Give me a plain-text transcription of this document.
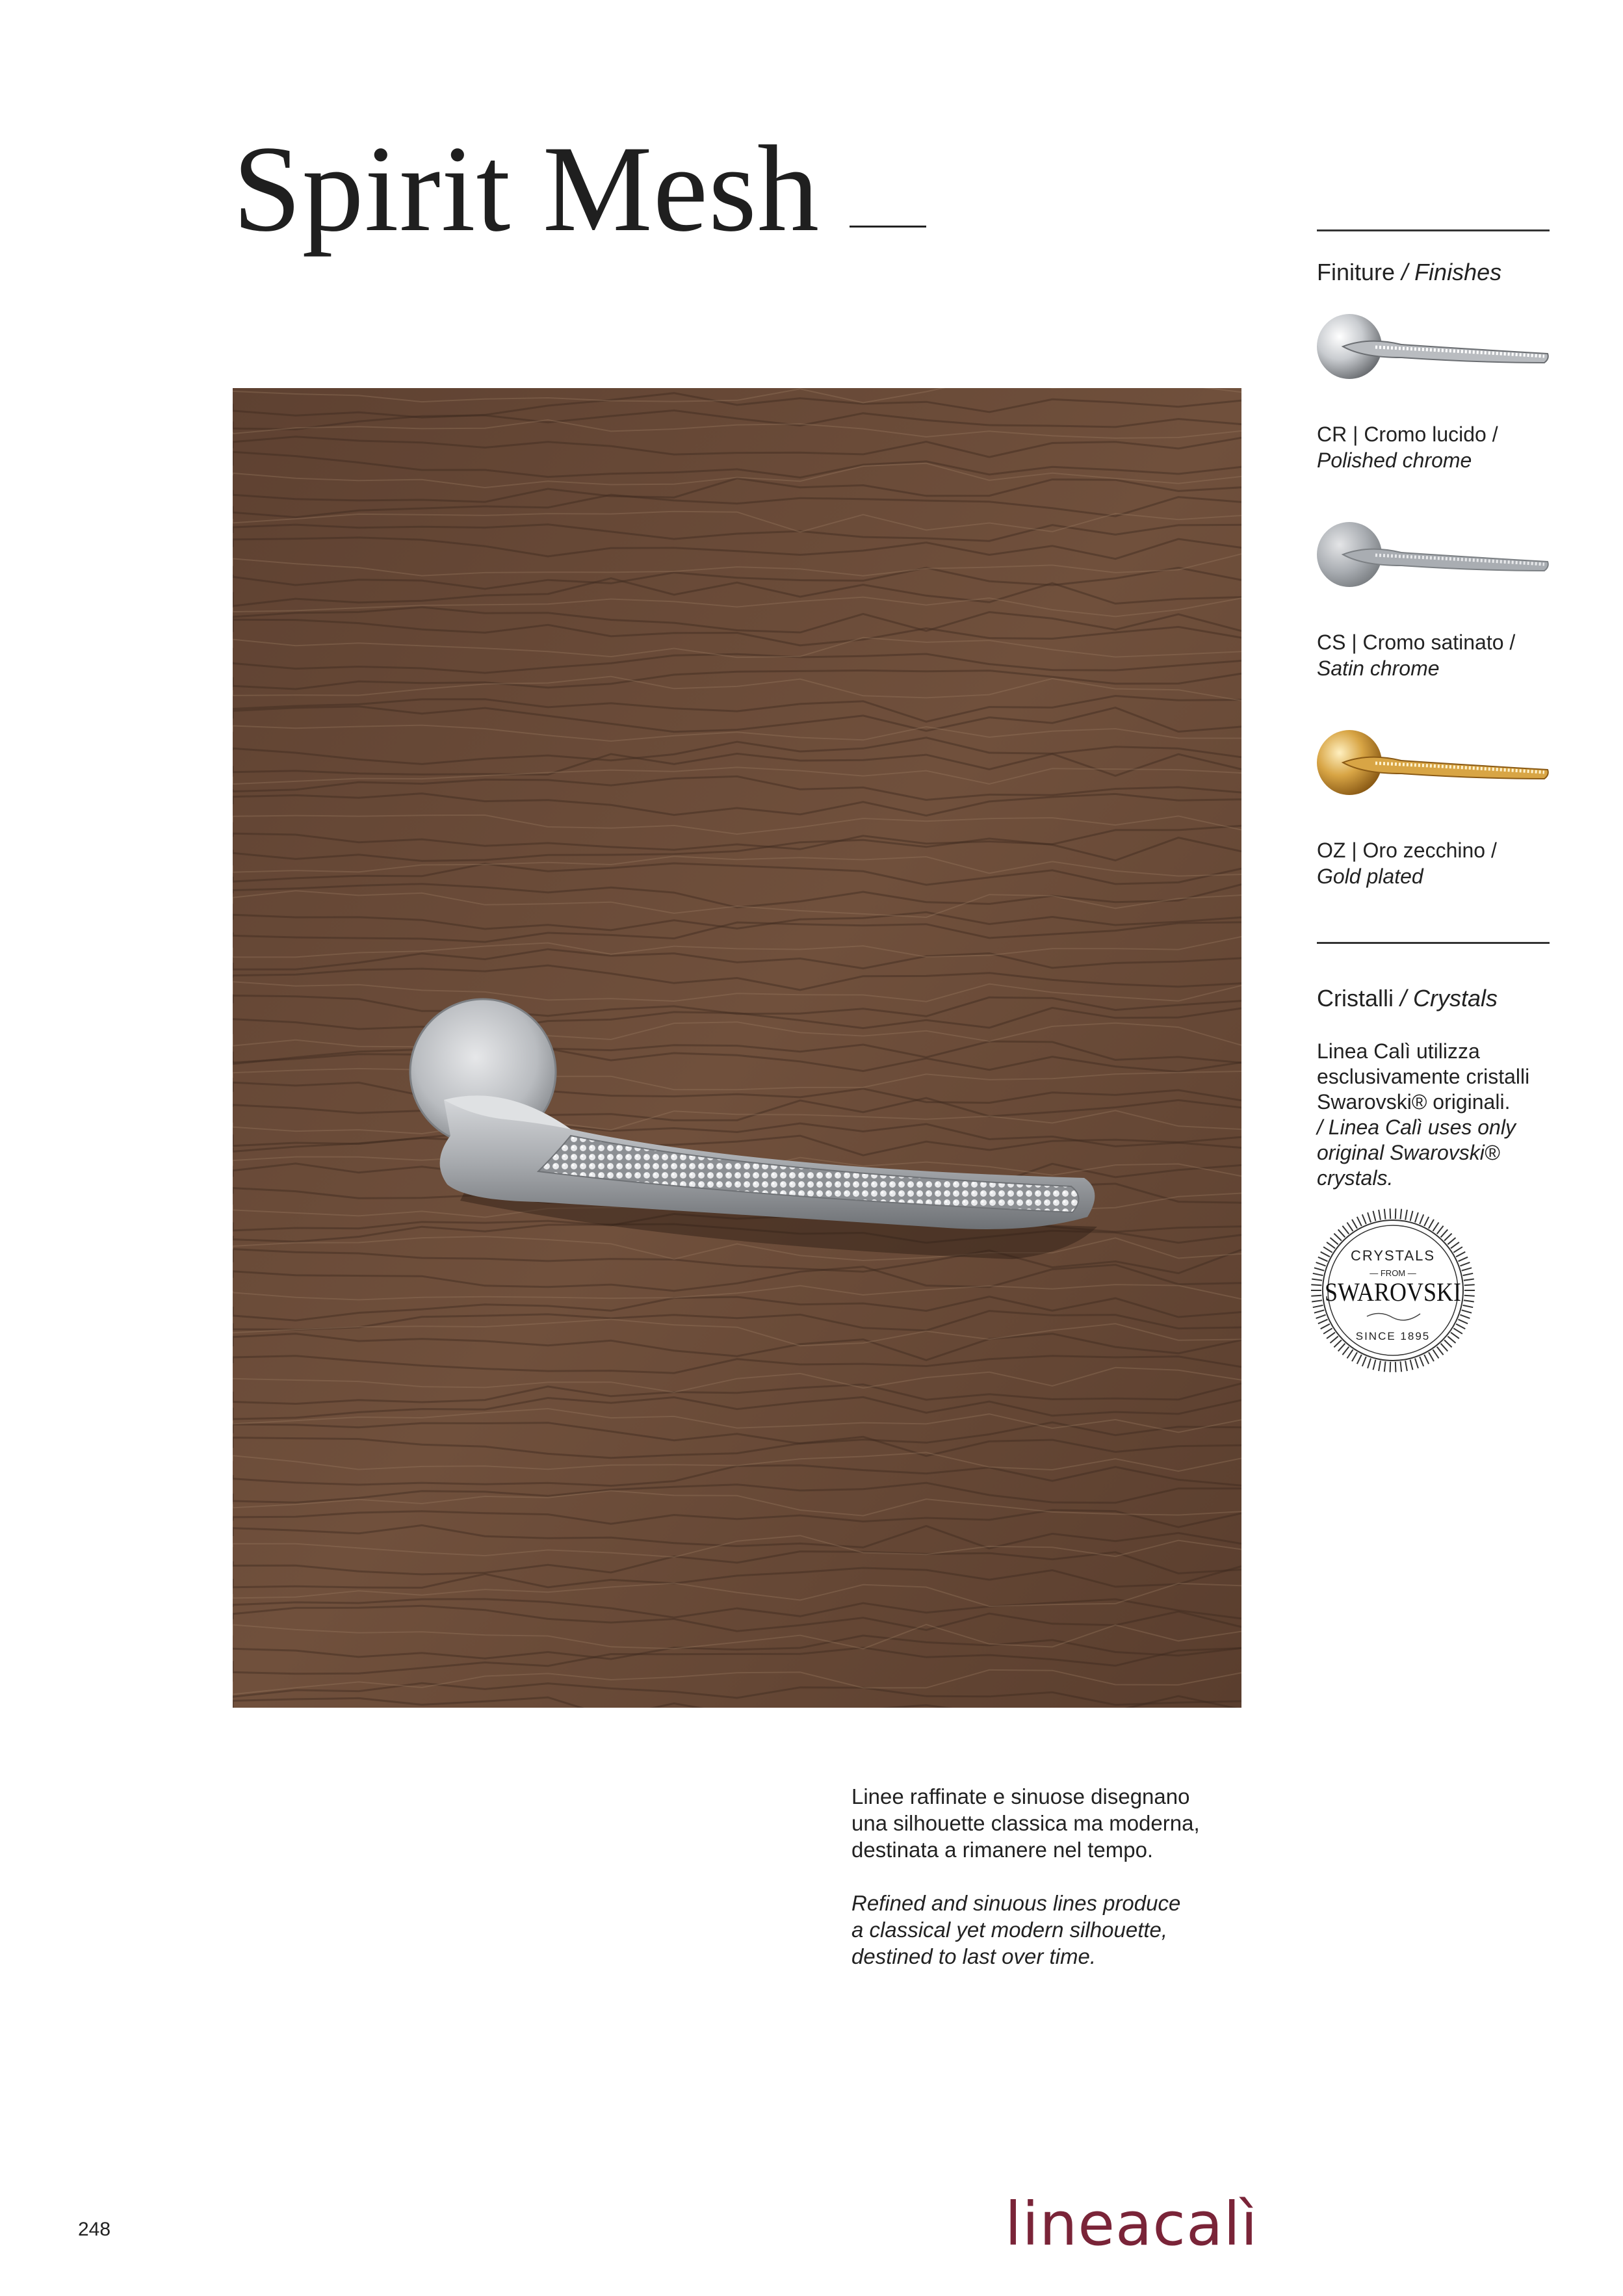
Spirit Mesh
Finiture / Finishes
CR | Cromo lucido /
Polished chrome
CS | Cromo satinato /
Satin chrome
OZ | Oro zecchino /
Gold plated
Cristalli / Crystals
Linea Calì utilizza
esclusivamente cristalli
Swarovski® originali.
/ Linea Calì uses only
original Swarovski®
crystals.
CRYSTALS
— FROM —
SWAROVSKI
SINCE 1895

Linee raffinate e sinuose disegnano
una silhouette classica ma moderna,
destinata a rimanere nel tempo.

Refined and sinuous lines produce
a classical yet modern silhouette,
destined to last over time.

248	lineacalì
